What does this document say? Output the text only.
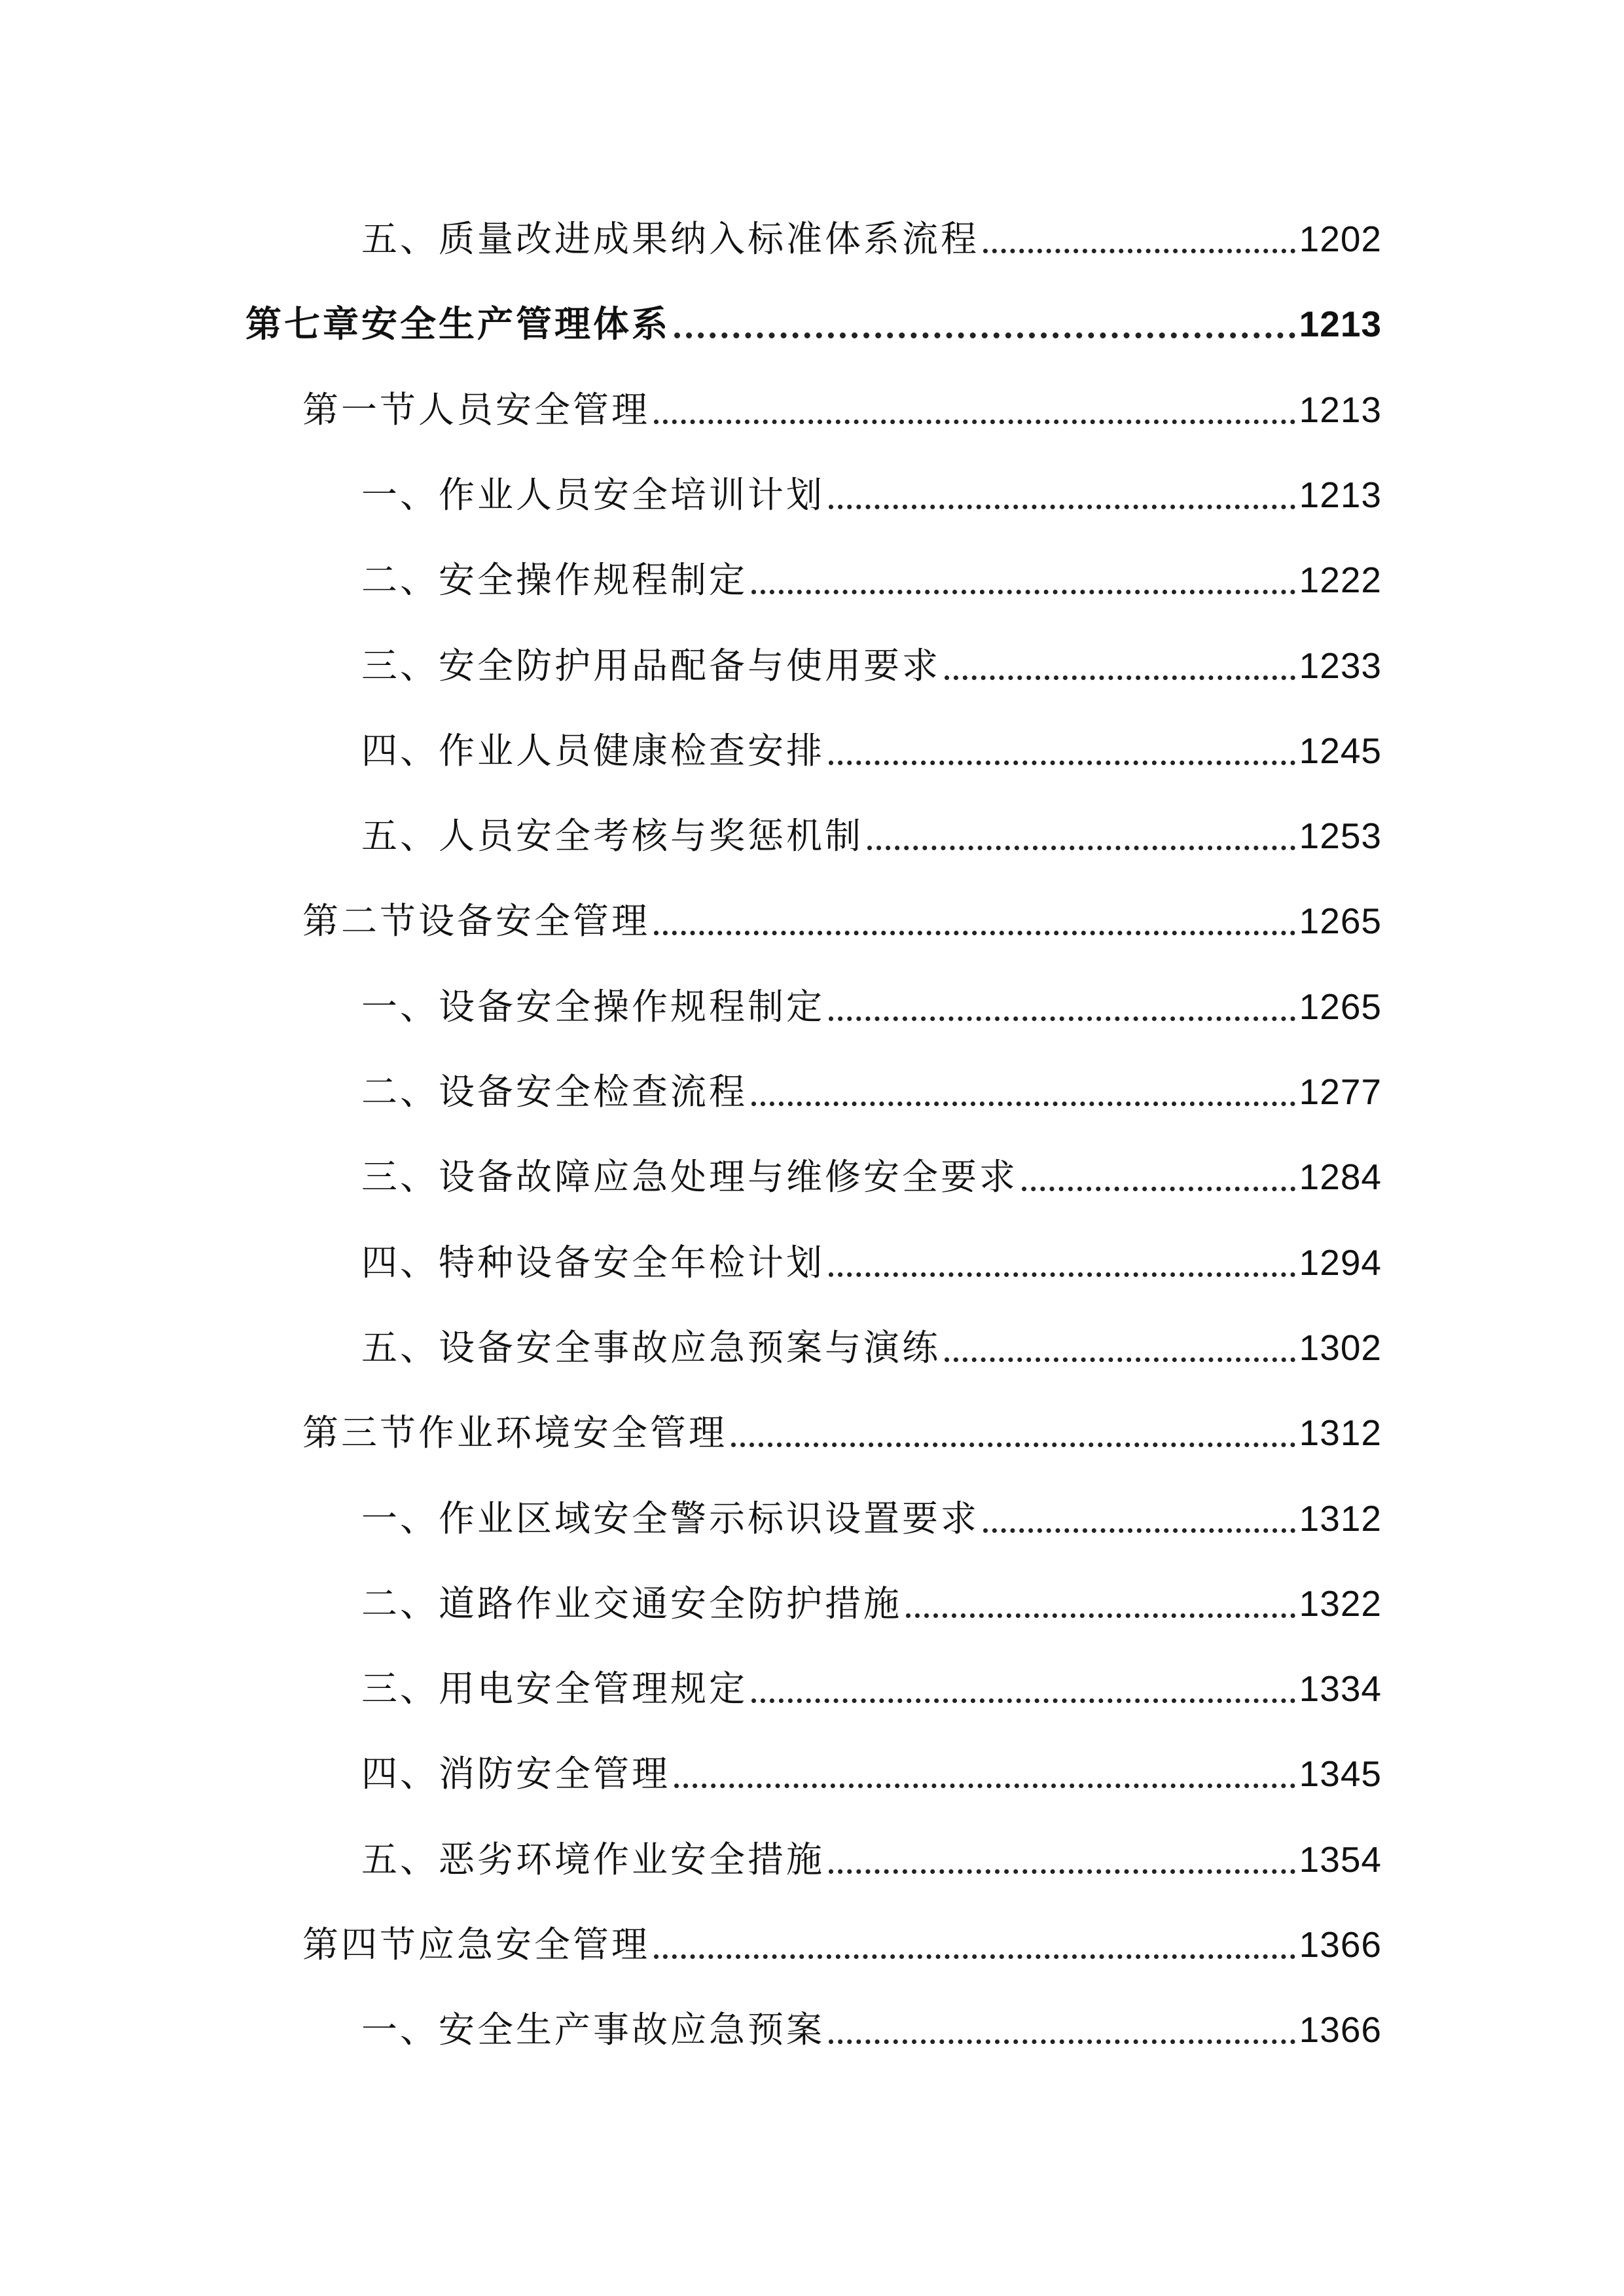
五、质量改进成果纳入标准体系流程	1202
第七章安全生产管理体系	1213
第一节人员安全管理	1213
一、作业人员安全培训计划	1213
二、安全操作规程制定	1222
三、安全防护用品配备与使用要求	1233
四、作业人员健康检查安排	1245
五、人员安全考核与奖惩机制	1253
第二节设备安全管理	1265
一、设备安全操作规程制定	1265
二、设备安全检查流程	1277
三、设备故障应急处理与维修安全要求	1284
四、特种设备安全年检计划	1294
五、设备安全事故应急预案与演练	1302
第三节作业环境安全管理	1312
一、作业区域安全警示标识设置要求	1312
二、道路作业交通安全防护措施	1322
三、用电安全管理规定	1334
四、消防安全管理	1345
五、恶劣环境作业安全措施	1354
第四节应急安全管理	1366
一、安全生产事故应急预案	1366
